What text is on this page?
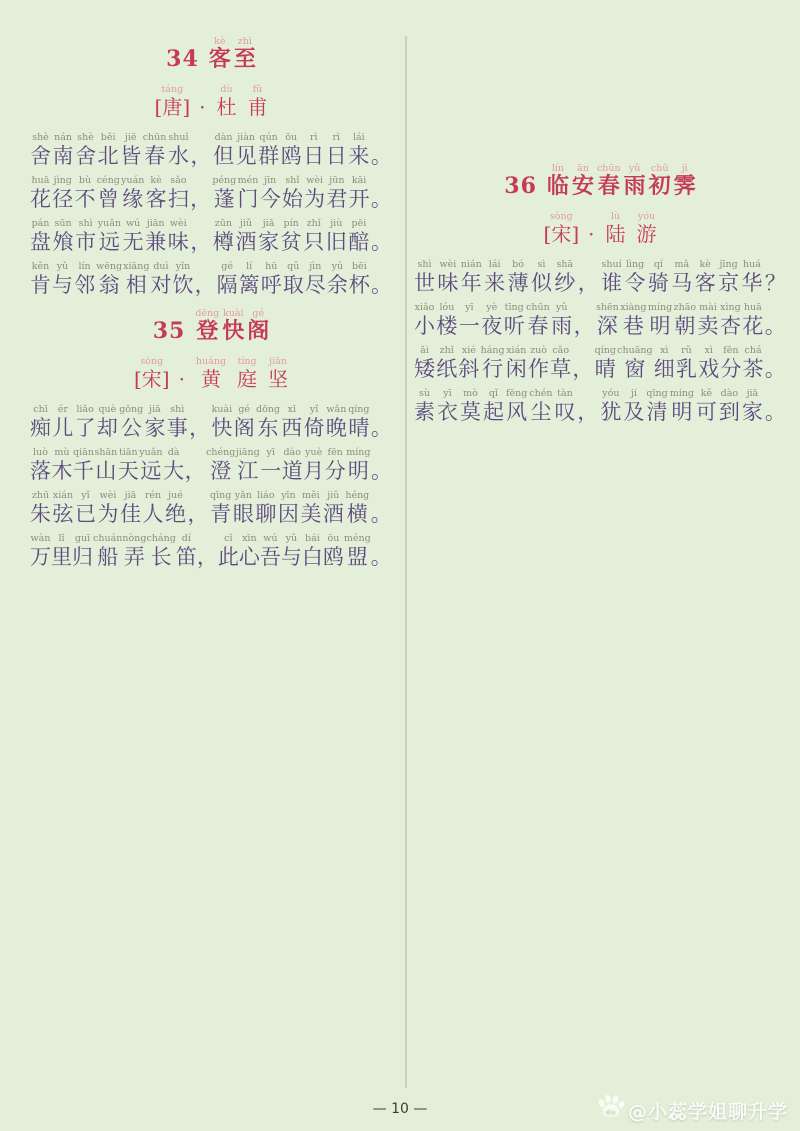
34
kè
客
zhì
至
táng
[唐]
·
dù
杜
fǔ
甫
shè
舍
nán
南
shè
舍
běi
北
jiē
皆
chūn
春
shuǐ
水
，
dàn
但
jiàn
见
qún
群
ōu
鸥
rì
日
rì
日
lái
来
。
huā
花
jìng
径
bù
不
céng
曾
yuán
缘
kè
客
sǎo
扫
，
péng
蓬
mén
门
jīn
今
shǐ
始
wèi
为
jūn
君
kāi
开
。
pán
盘
sūn
飧
shì
市
yuǎn
远
wú
无
jiān
兼
wèi
味
，
zūn
樽
jiǔ
酒
jiā
家
pín
贫
zhǐ
只
jiù
旧
pēi
醅
。
kěn
肯
yǔ
与
lín
邻
wēng
翁
xiāng
相
duì
对
yǐn
饮
，
gé
隔
lí
篱
hū
呼
qǔ
取
jìn
尽
yú
余
bēi
杯
。

35
dēng
登
kuài
快
gé
阁
sòng
[宋]
·
huáng
黄
tíng
庭
jiān
坚
chī
痴
ér
儿
liǎo
了
què
却
gōng
公
jiā
家
shì
事
，
kuài
快
gé
阁
dōng
东
xī
西
yǐ
倚
wǎn
晚
qíng
晴
。
luò
落
mù
木
qiān
千
shān
山
tiān
天
yuǎn
远
dà
大
，
chéng
澄
jiāng
江
yī
一
dào
道
yuè
月
fēn
分
míng
明
。
zhū
朱
xián
弦
yǐ
已
wèi
为
jiā
佳
rén
人
jué
绝
，
qīng
青
yǎn
眼
liáo
聊
yīn
因
měi
美
jiǔ
酒
héng
横
。
wàn
万
lǐ
里
guī
归
chuán
船
nòng
弄
cháng
长
dí
笛
，
cǐ
此
xīn
心
wú
吾
yǔ
与
bái
白
ōu
鸥
méng
盟
。

36
lín
临
ān
安
chūn
春
yǔ
雨
chū
初
jì
霁
sòng
[宋]
·
lù
陆
yóu
游
shì
世
wèi
味
nián
年
lái
来
bó
薄
sì
似
shā
纱
，
shuí
谁
lìng
令
qí
骑
mǎ
马
kè
客
jīng
京
huá
华
？
xiǎo
小
lóu
楼
yī
一
yè
夜
tīng
听
chūn
春
yǔ
雨
，
shēn
深
xiàng
巷
míng
明
zhāo
朝
mài
卖
xìng
杏
huā
花
。
ǎi
矮
zhǐ
纸
xié
斜
háng
行
xián
闲
zuò
作
cǎo
草
，
qíng
晴
chuāng
窗
xì
细
rǔ
乳
xì
戏
fēn
分
chá
茶
。
sù
素
yī
衣
mò
莫
qǐ
起
fēng
风
chén
尘
tàn
叹
，
yóu
犹
jí
及
qīng
清
míng
明
kě
可
dào
到
jiā
家
。
— 10 —	du @小蕊学姐聊升学
